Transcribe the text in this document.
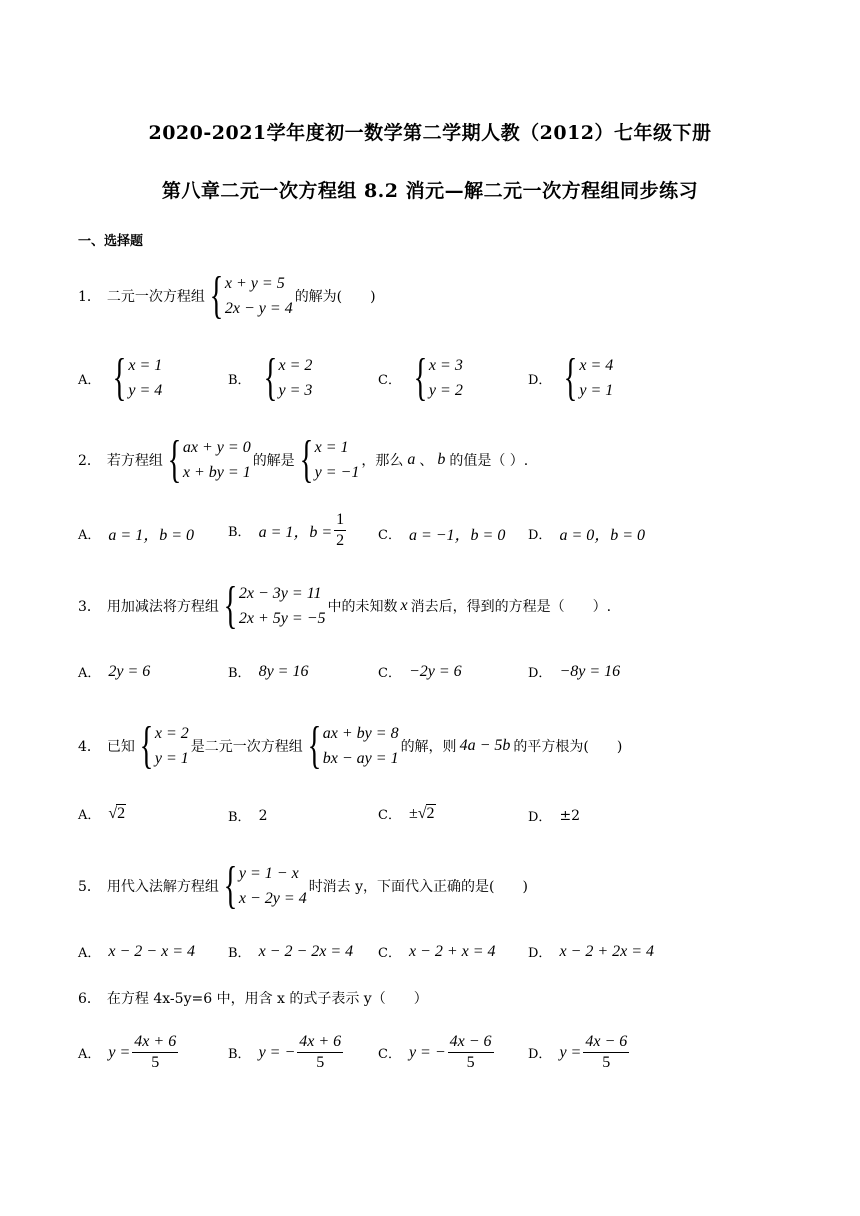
2020-2021学年度初一数学第二学期人教（2012）七年级下册
第八章二元一次方程组 8.2 消元—解二元一次方程组同步练习
一、选择题
1． 二元一次方程组 { x + y = 5
2x − y = 4
的解为(　　)
A． { x = 1
y = 4
B． { x = 2
y = 3
C． { x = 3
y = 2
D． { x = 4
y = 1
2． 若方程组 { ax + y = 0
x + by = 1
的解是 { x = 1
y = −1
，那么 a 、 b 的值是（ ）.
A． a = 1，b = 0	B． a = 1，$b = \frac{1}{2}$ C． a = −1，b = 0 D． a = 0，b = 0
3． 用加减法将方程组 { 2x − 3y = 11
2x + 5y = −5
中的未知数 x 消去后，得到的方程是（　　）.
A． 2y = 6	B． 8y = 16	C． −2y = 6	D． −8y = 16
4． 已知 { x = 2
y = 1
是二元一次方程组 { ax + by = 8
bx − ay = 1
的解，则 4a − 5b 的平方根为(　　)
A． √ 2	B． 2	C． ± √ 2	D． ±2
5． 用代入法解方程组 { y = 1 − x
x − 2y = 4
时消去 y，下面代入正确的是(　　)
A． x − 2 − x = 4	B． x − 2 − 2x = 4 C． x − 2 + x = 4 D． x − 2 + 2x = 4
6． 在方程 4x-5y=6 中，用含 x 的式子表示 y（　　）
A． $y = \frac{4x + 6}{5}$	B． y = − $\frac{4x + 6}{5}$	C． y = − $\frac{4x - 6}{5}$	D． $y = \frac{4x - 6}{5}$
